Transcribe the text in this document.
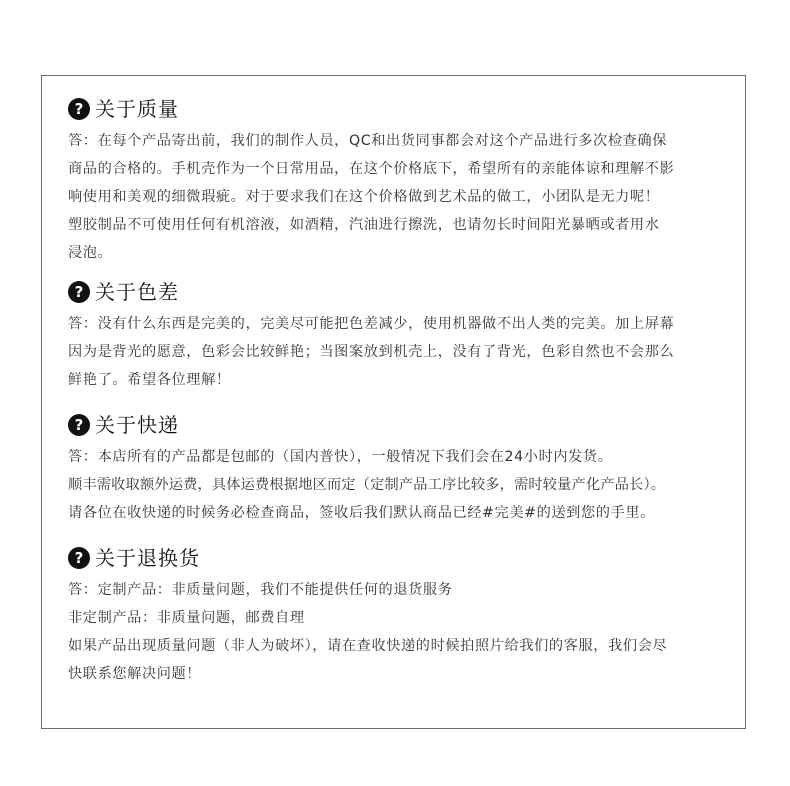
? 关于质量
答：在每个产品寄出前，我们的制作人员，QC和出货同事都会对这个产品进行多次检查确保
商品的合格的。手机壳作为一个日常用品，在这个价格底下，希望所有的亲能体谅和理解不影
响使用和美观的细微瑕疵。对于要求我们在这个价格做到艺术品的做工，小团队是无力呢！
塑胶制品不可使用任何有机溶液，如酒精，汽油进行擦洗，也请勿长时间阳光暴晒或者用水
浸泡。
? 关于色差
答：没有什么东西是完美的，完美尽可能把色差减少，使用机器做不出人类的完美。加上屏幕
因为是背光的愿意，色彩会比较鲜艳；当图案放到机壳上，没有了背光，色彩自然也不会那么
鲜艳了。希望各位理解！
? 关于快递
答：本店所有的产品都是包邮的（国内普快），一般情况下我们会在24小时内发货。
顺丰需收取额外运费，具体运费根据地区而定（定制产品工序比较多，需时较量产化产品长）。
请各位在收快递的时候务必检查商品，签收后我们默认商品已经#完美#的送到您的手里。
? 关于退换货
答：定制产品：非质量问题，我们不能提供任何的退货服务
非定制产品：非质量问题，邮费自理
如果产品出现质量问题（非人为破坏），请在查收快递的时候拍照片给我们的客服，我们会尽
快联系您解决问题！
